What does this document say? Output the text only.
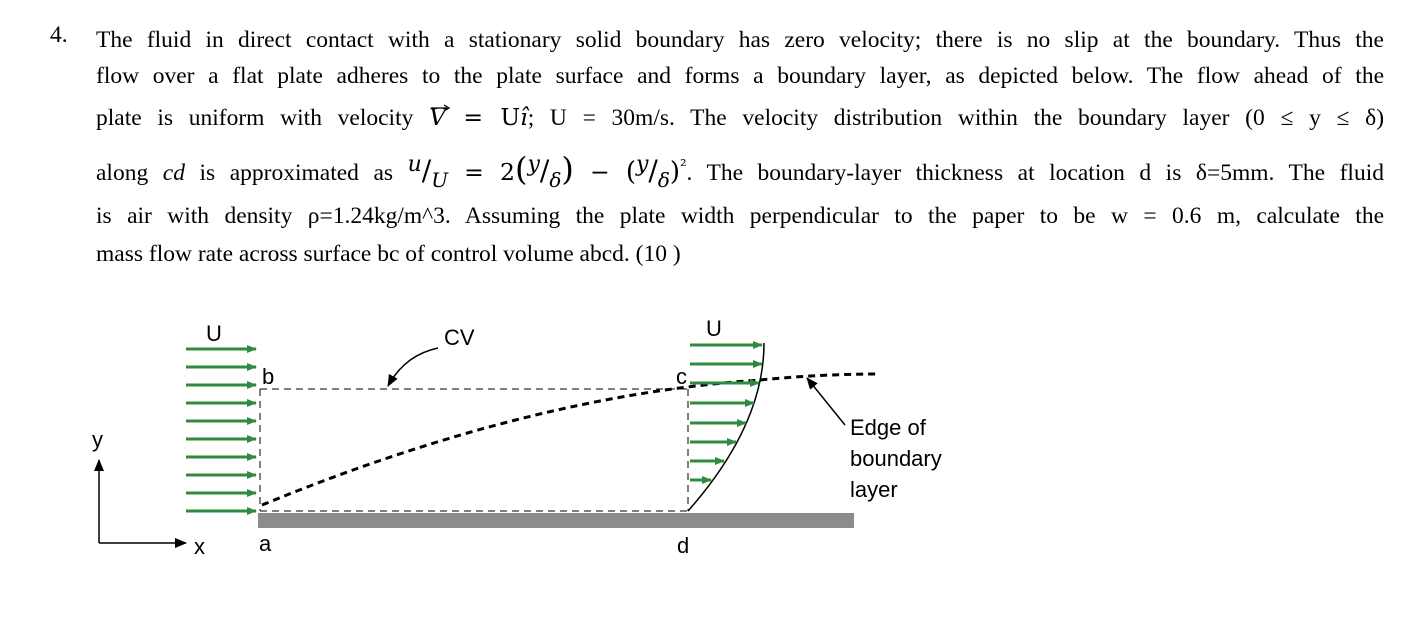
4. The fluid in direct contact with a stationary solid boundary has zero velocity; there is no slip at the boundary. Thus the
flow over a flat plate adheres to the plate surface and forms a boundary layer, as depicted below. The flow ahead of the
plate is uniform with velocity V = Uî; U = 30m/s. The velocity distribution within the boundary layer (0 ≤ y ≤ δ)
along cd is approximated as $^u/_U = 2(^y/_\delta) - (^y/_\delta)^{^2}$. The boundary-layer thickness at location d is δ=5mm. The fluid
is air with density ρ=1.24kg/m^3. Assuming the plate width perpendicular to the paper to be w = 0.6 m, calculate the
mass flow rate across surface bc of control volume abcd. (10 )
U	U
CV
b	c
a	d
y
x
Edge of
boundary
layer
